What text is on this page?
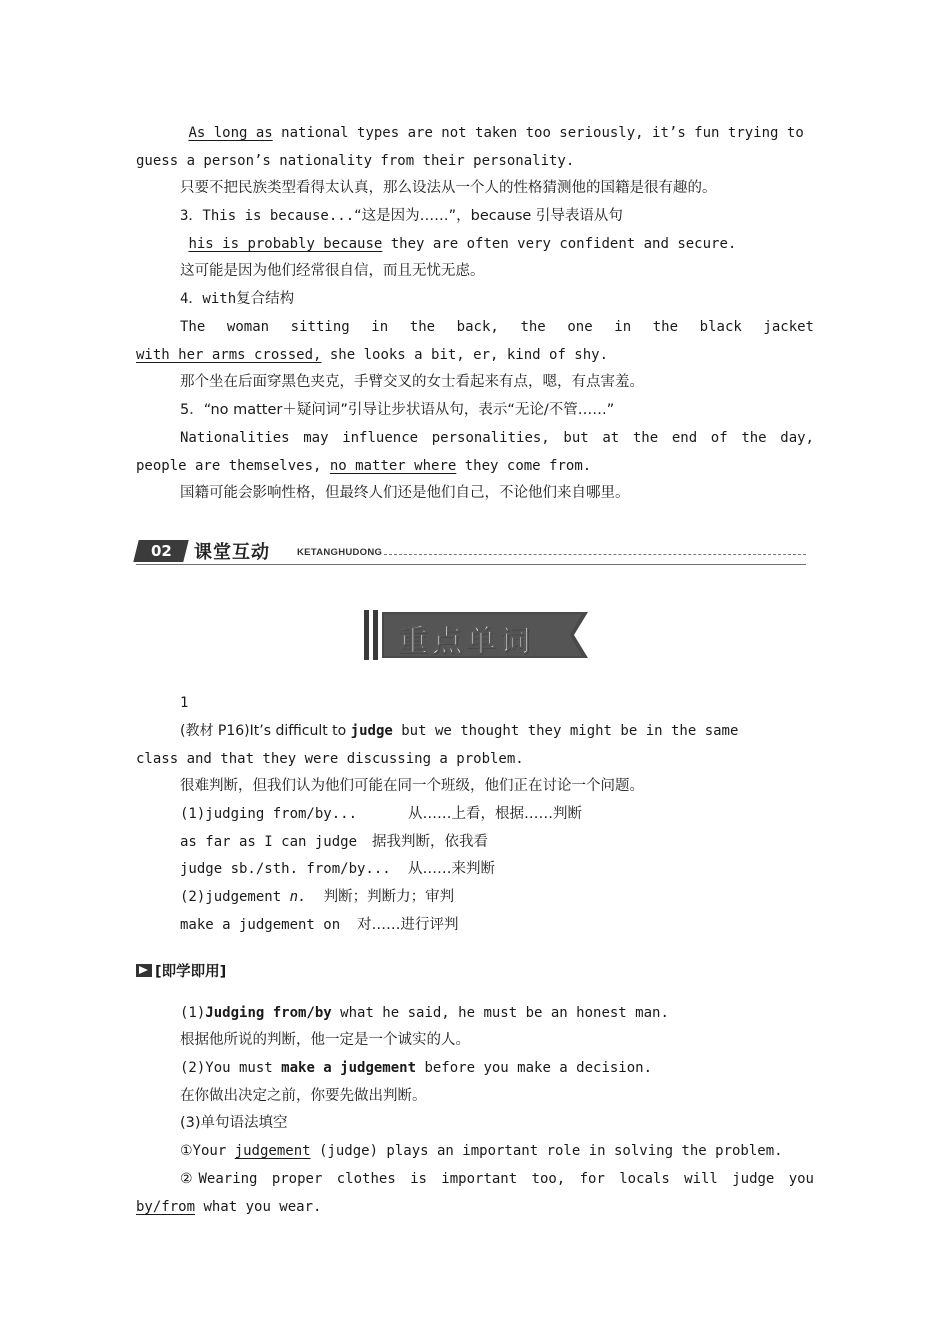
As long as national types are not taken too seriously, it’s fun trying to
guess a person’s nationality from their personality.
只要不把民族类型看得太认真，那么设法从一个人的性格猜测他的国籍是很有趣的。
3．This is because...“这是因为……”，because 引导表语从句
his is probably because they are often very confident and secure.
这可能是因为他们经常很自信，而且无忧无虑。
4．with复合结构
The woman sitting in the back, the one in the black jacket
with her arms crossed, she looks a bit, er, kind of shy.
那个坐在后面穿黑色夹克，手臂交叉的女士看起来有点，嗯，有点害羞。
5．“no matter＋疑问词”引导让步状语从句，表示“无论/不管……”
Nationalities may influence personalities, but at the end of the day,
people are themselves, no matter where they come from.
国籍可能会影响性格，但最终人们还是他们自己，不论他们来自哪里。
02	课堂互动	KETANGHUDONG
重点单词
1
(教材 P16)It’s difficult to judge but we thought they might be in the same
class and that they were discussing a problem.
很难判断，但我们认为他们可能在同一个班级，他们正在讨论一个问题。
(1)judging from/by...	从……上看，根据……判断
as far as I can judge 据我判断，依我看
judge sb./sth. from/by... 从……来判断
(2)judgement n. 判断；判断力；审判
make a judgement on 对……进行评判
[即学即用]
(1)Judging from/by what he said, he must be an honest man.
根据他所说的判断，他一定是一个诚实的人。
(2)You must make a judgement before you make a decision.
在你做出决定之前，你要先做出判断。
(3)单句语法填空
①Your judgement (judge) plays an important role in solving the problem.
②Wearing proper clothes is important too, for locals will judge you
by/from what you wear.
